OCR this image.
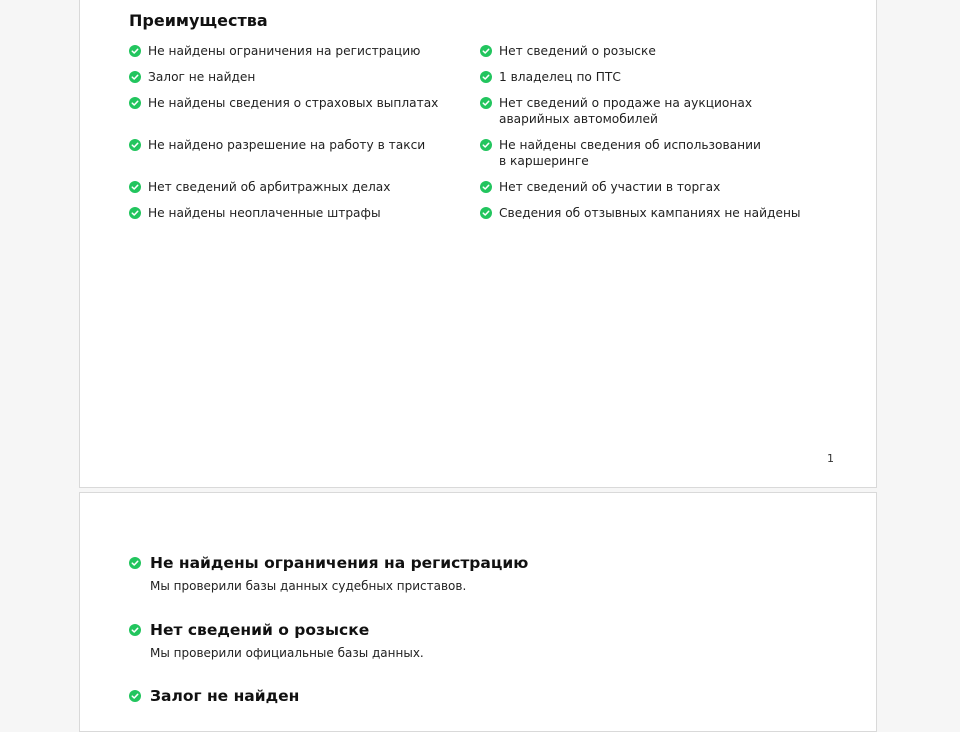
Преимущества
Не найдены ограничения на регистрацию
Залог не найден
Не найдены сведения о страховых выплатах
Не найдено разрешение на работу в такси
Нет сведений об арбитражных делах
Не найдены неоплаченные штрафы
Нет сведений о розыске
1 владелец по ПТС
Нет сведений о продаже на аукционах аварийных автомобилей
Не найдены сведения об использовании в каршеринге
Нет сведений об участии в торгах
Сведения об отзывных кампаниях не найдены
1
Не найдены ограничения на регистрацию
Мы проверили базы данных судебных приставов.
Нет сведений о розыске
Мы проверили официальные базы данных.
Залог не найден
